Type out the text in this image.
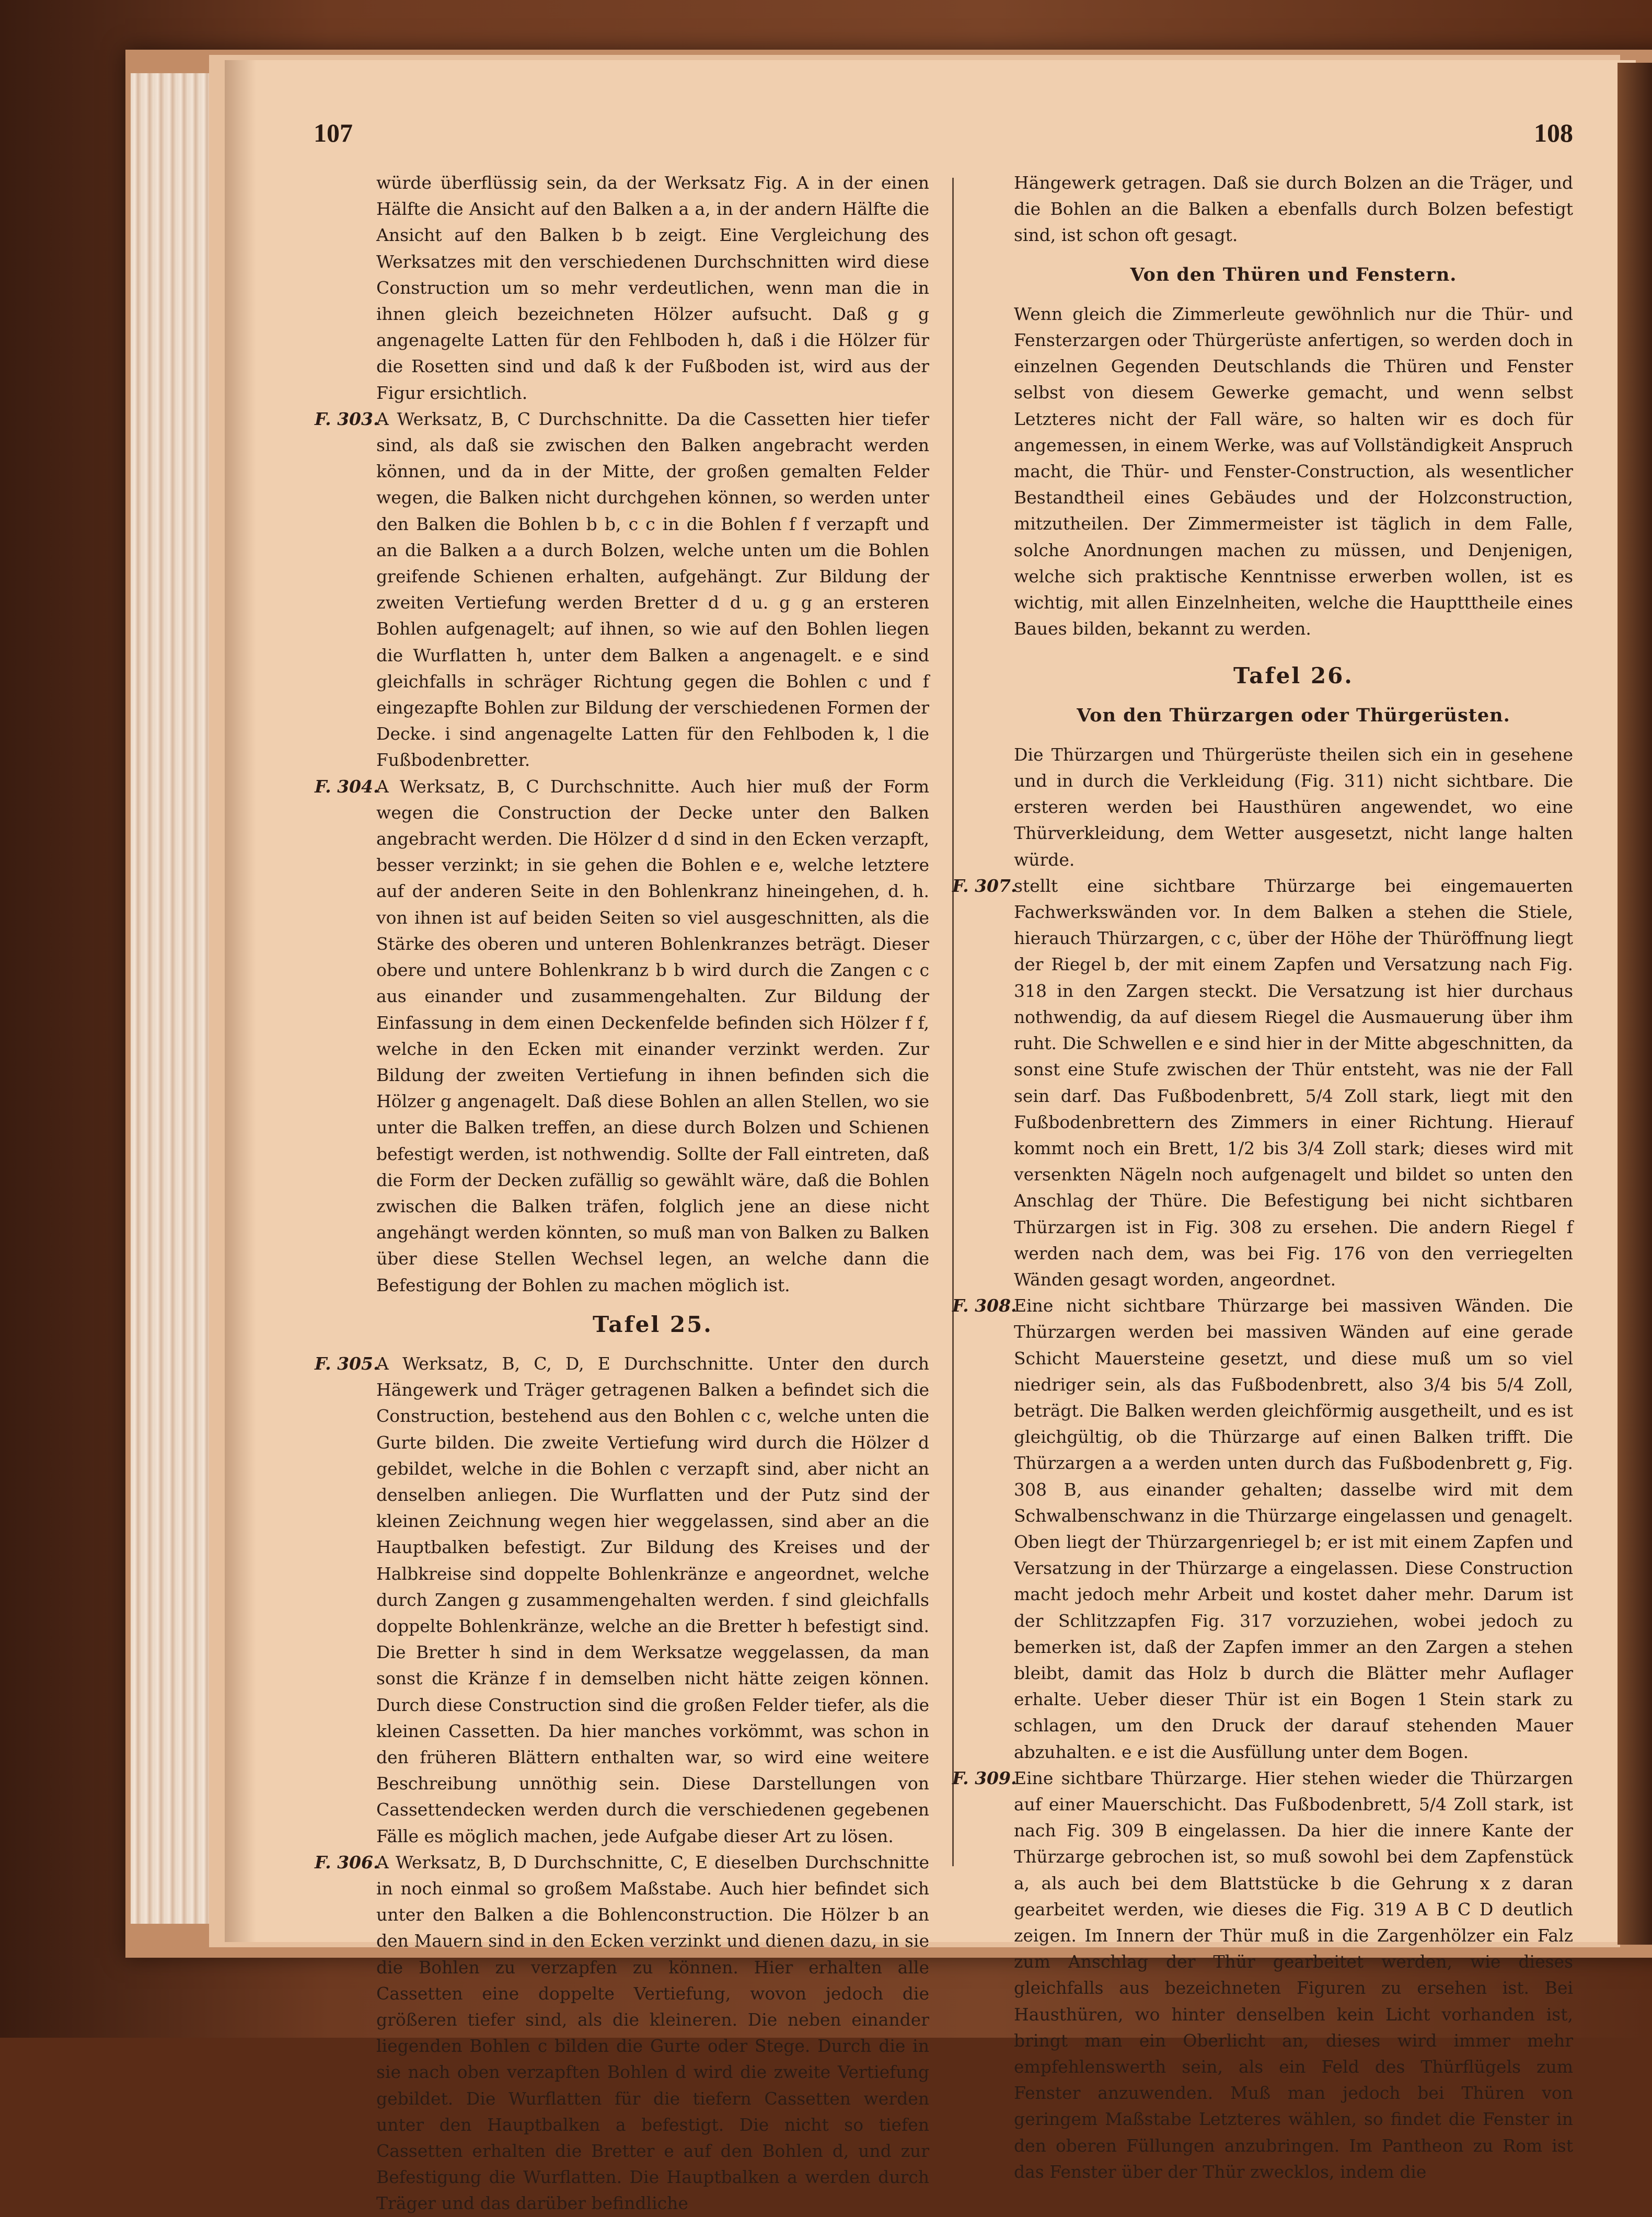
107	108

würde überflüssig sein, da der Werksatz Fig. A in der einen Hälfte die Ansicht auf den Balken a a, in der andern Hälfte die Ansicht auf den Balken b b zeigt. Eine Vergleichung des Werksatzes mit den verschiedenen Durchschnitten wird diese Construction um so mehr verdeutlichen, wenn man die in ihnen gleich bezeichneten Hölzer aufsucht. Daß g g angenagelte Latten für den Fehlboden h, daß i die Hölzer für die Rosetten sind und daß k der Fußboden ist, wird aus der Figur ersichtlich.

F. 303.

A Werksatz, B, C Durchschnitte. Da die Cassetten hier tiefer sind, als daß sie zwischen den Balken angebracht werden können, und da in der Mitte, der großen gemalten Felder wegen, die Balken nicht durchgehen können, so werden unter den Balken die Bohlen b b, c c in die Bohlen f f verzapft und an die Balken a a durch Bolzen, welche unten um die Bohlen greifende Schienen erhalten, aufgehängt. Zur Bildung der zweiten Vertiefung werden Bretter d d u. g g an ersteren Bohlen aufgenagelt; auf ihnen, so wie auf den Bohlen liegen die Wurflatten h, unter dem Balken a angenagelt. e e sind gleichfalls in schräger Richtung gegen die Bohlen c und f eingezapfte Bohlen zur Bildung der verschiedenen Formen der Decke. i sind angenagelte Latten für den Fehlboden k, l die Fußbodenbretter.

F. 304.

A Werksatz, B, C Durchschnitte. Auch hier muß der Form wegen die Construction der Decke unter den Balken angebracht werden. Die Hölzer d d sind in den Ecken verzapft, besser verzinkt; in sie gehen die Bohlen e e, welche letztere auf der anderen Seite in den Bohlenkranz hineingehen, d. h. von ihnen ist auf beiden Seiten so viel ausgeschnitten, als die Stärke des oberen und unteren Bohlenkranzes beträgt. Dieser obere und untere Bohlenkranz b b wird durch die Zangen c c aus einander und zusammengehalten. Zur Bildung der Einfassung in dem einen Deckenfelde befinden sich Hölzer f f, welche in den Ecken mit einander verzinkt werden. Zur Bildung der zweiten Vertiefung in ihnen befinden sich die Hölzer g angenagelt. Daß diese Bohlen an allen Stellen, wo sie unter die Balken treffen, an diese durch Bolzen und Schienen befestigt werden, ist nothwendig. Sollte der Fall eintreten, daß die Form der Decken zufällig so gewählt wäre, daß die Bohlen zwischen die Balken träfen, folglich jene an diese nicht angehängt werden könnten, so muß man von Balken zu Balken über diese Stellen Wechsel legen, an welche dann die Befestigung der Bohlen zu machen möglich ist.

Tafel 25.

F. 305.

A Werksatz, B, C, D, E Durchschnitte. Unter den durch Hängewerk und Träger getragenen Balken a befindet sich die Construction, bestehend aus den Bohlen c c, welche unten die Gurte bilden. Die zweite Vertiefung wird durch die Hölzer d gebildet, welche in die Bohlen c verzapft sind, aber nicht an denselben anliegen. Die Wurflatten und der Putz sind der kleinen Zeichnung wegen hier weggelassen, sind aber an die Hauptbalken befestigt. Zur Bildung des Kreises und der Halbkreise sind doppelte Bohlenkränze e angeordnet, welche durch Zangen g zusammengehalten werden. f sind gleichfalls doppelte Bohlenkränze, welche an die Bretter h befestigt sind. Die Bretter h sind in dem Werksatze weggelassen, da man sonst die Kränze f in demselben nicht hätte zeigen können. Durch diese Construction sind die großen Felder tiefer, als die kleinen Cassetten. Da hier manches vorkömmt, was schon in den früheren Blättern enthalten war, so wird eine weitere Beschreibung unnöthig sein. Diese Darstellungen von Cassettendecken werden durch die verschiedenen gegebenen Fälle es möglich machen, jede Aufgabe dieser Art zu lösen.

F. 306.

A Werksatz, B, D Durchschnitte, C, E dieselben Durchschnitte in noch einmal so großem Maßstabe. Auch hier befindet sich unter den Balken a die Bohlenconstruction. Die Hölzer b an den Mauern sind in den Ecken verzinkt und dienen dazu, in sie die Bohlen zu verzapfen zu können. Hier erhalten alle Cassetten eine doppelte Vertiefung, wovon jedoch die größeren tiefer sind, als die kleineren. Die neben einander liegenden Bohlen c bilden die Gurte oder Stege. Durch die in sie nach oben verzapften Bohlen d wird die zweite Vertiefung gebildet. Die Wurflatten für die tiefern Cassetten werden unter den Hauptbalken a befestigt. Die nicht so tiefen Cassetten erhalten die Bretter e auf den Bohlen d, und zur Befestigung die Wurflatten. Die Hauptbalken a werden durch Träger und das darüber befindliche

Hängewerk getragen. Daß sie durch Bolzen an die Träger, und die Bohlen an die Balken a ebenfalls durch Bolzen befestigt sind, ist schon oft gesagt.

Von den Thüren und Fenstern.

Wenn gleich die Zimmerleute gewöhnlich nur die Thür- und Fensterzargen oder Thürgerüste anfertigen, so werden doch in einzelnen Gegenden Deutschlands die Thüren und Fenster selbst von diesem Gewerke gemacht, und wenn selbst Letzteres nicht der Fall wäre, so halten wir es doch für angemessen, in einem Werke, was auf Vollständigkeit Anspruch macht, die Thür- und Fenster-Construction, als wesentlicher Bestandtheil eines Gebäudes und der Holzconstruction, mitzutheilen. Der Zimmermeister ist täglich in dem Falle, solche Anordnungen machen zu müssen, und Denjenigen, welche sich praktische Kenntnisse erwerben wollen, ist es wichtig, mit allen Einzelnheiten, welche die Hauptttheile eines Baues bilden, bekannt zu werden.

Tafel 26.

Von den Thürzargen oder Thürgerüsten.

Die Thürzargen und Thürgerüste theilen sich ein in gesehene und in durch die Verkleidung (Fig. 311) nicht sichtbare. Die ersteren werden bei Hausthüren angewendet, wo eine Thürverkleidung, dem Wetter ausgesetzt, nicht lange halten würde.

F. 307.

stellt eine sichtbare Thürzarge bei eingemauerten Fachwerkswänden vor. In dem Balken a stehen die Stiele, hierauch Thürzargen, c c, über der Höhe der Thüröffnung liegt der Riegel b, der mit einem Zapfen und Versatzung nach Fig. 318 in den Zargen steckt. Die Versatzung ist hier durchaus nothwendig, da auf diesem Riegel die Ausmauerung über ihm ruht. Die Schwellen e e sind hier in der Mitte abgeschnitten, da sonst eine Stufe zwischen der Thür entsteht, was nie der Fall sein darf. Das Fußbodenbrett, 5/4 Zoll stark, liegt mit den Fußbodenbrettern des Zimmers in einer Richtung. Hierauf kommt noch ein Brett, 1/2 bis 3/4 Zoll stark; dieses wird mit versenkten Nägeln noch aufgenagelt und bildet so unten den Anschlag der Thüre. Die Befestigung bei nicht sichtbaren Thürzargen ist in Fig. 308 zu ersehen. Die andern Riegel f werden nach dem, was bei Fig. 176 von den verriegelten Wänden gesagt worden, angeordnet.

F. 308.

Eine nicht sichtbare Thürzarge bei massiven Wänden. Die Thürzargen werden bei massiven Wänden auf eine gerade Schicht Mauersteine gesetzt, und diese muß um so viel niedriger sein, als das Fußbodenbrett, also 3/4 bis 5/4 Zoll, beträgt. Die Balken werden gleichförmig ausgetheilt, und es ist gleichgültig, ob die Thürzarge auf einen Balken trifft. Die Thürzargen a a werden unten durch das Fußbodenbrett g, Fig. 308 B, aus einander gehalten; dasselbe wird mit dem Schwalbenschwanz in die Thürzarge eingelassen und genagelt. Oben liegt der Thürzargenriegel b; er ist mit einem Zapfen und Versatzung in der Thürzarge a eingelassen. Diese Construction macht jedoch mehr Arbeit und kostet daher mehr. Darum ist der Schlitzzapfen Fig. 317 vorzuziehen, wobei jedoch zu bemerken ist, daß der Zapfen immer an den Zargen a stehen bleibt, damit das Holz b durch die Blätter mehr Auflager erhalte. Ueber dieser Thür ist ein Bogen 1 Stein stark zu schlagen, um den Druck der darauf stehenden Mauer abzuhalten. e e ist die Ausfüllung unter dem Bogen.

F. 309.

Eine sichtbare Thürzarge. Hier stehen wieder die Thürzargen auf einer Mauerschicht. Das Fußbodenbrett, 5/4 Zoll stark, ist nach Fig. 309 B eingelassen. Da hier die innere Kante der Thürzarge gebrochen ist, so muß sowohl bei dem Zapfenstück a, als auch bei dem Blattstücke b die Gehrung x z daran gearbeitet werden, wie dieses die Fig. 319 A B C D deutlich zeigen. Im Innern der Thür muß in die Zargenhölzer ein Falz zum Anschlag der Thür gearbeitet werden, wie dieses gleichfalls aus bezeichneten Figuren zu ersehen ist. Bei Hausthüren, wo hinter denselben kein Licht vorhanden ist, bringt man ein Oberlicht an, dieses wird immer mehr empfehlenswerth sein, als ein Feld des Thürflügels zum Fenster anzuwenden. Muß man jedoch bei Thüren von geringem Maßstabe Letzteres wählen, so findet die Fenster in den oberen Füllungen anzubringen. Im Pantheon zu Rom ist das Fenster über der Thür zwecklos, indem die
